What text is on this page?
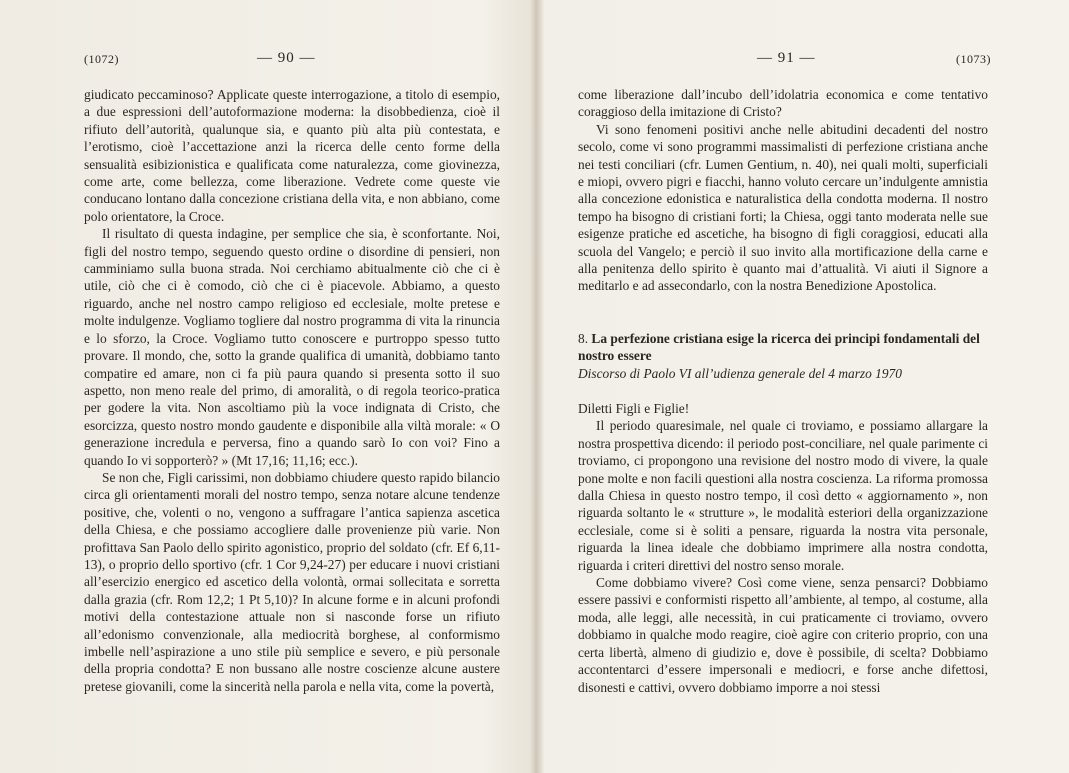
(1072)	— 90 —

giudicato peccaminoso? Applicate queste interrogazione, a titolo di esempio, a due espressioni dell’autoformazione moderna: la disobbedienza, cioè il rifiuto dell’autorità, qualunque sia, e quanto più alta più contestata, e l’erotismo, cioè l’accettazione anzi la ricerca delle cento forme della sensualità esibizionistica e qualificata come naturalezza, come giovinezza, come arte, come bellezza, come liberazione. Vedrete come queste vie conducano lontano dalla concezione cristiana della vita, e non abbiano, come polo orientatore, la Croce.

Il risultato di questa indagine, per semplice che sia, è sconfortante. Noi, figli del nostro tempo, seguendo questo ordine o disordine di pensieri, non camminiamo sulla buona strada. Noi cerchiamo abitualmente ciò che ci è utile, ciò che ci è comodo, ciò che ci è piacevole. Abbiamo, a questo riguardo, anche nel nostro campo religioso ed ecclesiale, molte pretese e molte indulgenze. Vogliamo togliere dal nostro programma di vita la rinuncia e lo sforzo, la Croce. Vogliamo tutto conoscere e purtroppo spesso tutto provare. Il mondo, che, sotto la grande qualifica di umanità, dobbiamo tanto compatire ed amare, non ci fa più paura quando si presenta sotto il suo aspetto, non meno reale del primo, di amoralità, o di regola teorico-pratica per godere la vita. Non ascoltiamo più la voce indignata di Cristo, che esorcizza, questo nostro mondo gaudente e disponibile alla viltà morale: « O generazione incredula e perversa, fino a quando sarò Io con voi? Fino a quando Io vi sopporterò? » (Mt 17,16; 11,16; ecc.).

Se non che, Figli carissimi, non dobbiamo chiudere questo rapido bilancio circa gli orientamenti morali del nostro tempo, senza notare alcune tendenze positive, che, volenti o no, vengono a suffragare l’antica sapienza ascetica della Chiesa, e che possiamo accogliere dalle provenienze più varie. Non profittava San Paolo dello spirito agonistico, proprio del soldato (cfr. Ef 6,11-13), o proprio dello sportivo (cfr. 1 Cor 9,24-27) per educare i nuovi cristiani all’esercizio energico ed ascetico della volontà, ormai sollecitata e sorretta dalla grazia (cfr. Rom 12,2; 1 Pt 5,10)? In alcune forme e in alcuni profondi motivi della contestazione attuale non si nasconde forse un rifiuto all’edonismo convenzionale, alla mediocrità borghese, al conformismo imbelle nell’aspirazione a uno stile più semplice e severo, e più personale della propria condotta? E non bussano alle nostre coscienze alcune austere pretese giovanili, come la sincerità nella parola e nella vita, come la povertà,

— 91 —	(1073)

come liberazione dall’incubo dell’idolatria economica e come tentativo coraggioso della imitazione di Cristo?

Vi sono fenomeni positivi anche nelle abitudini decadenti del nostro secolo, come vi sono programmi massimalisti di perfezione cristiana anche nei testi conciliari (cfr. Lumen Gentium, n. 40), nei quali molti, superficiali e miopi, ovvero pigri e fiacchi, hanno voluto cercare un’indulgente amnistia alla concezione edonistica e naturalistica della condotta moderna. Il nostro tempo ha bisogno di cristiani forti; la Chiesa, oggi tanto moderata nelle sue esigenze pratiche ed ascetiche, ha bisogno di figli coraggiosi, educati alla scuola del Vangelo; e perciò il suo invito alla mortificazione della carne e alla penitenza dello spirito è quanto mai d’attualità. Vi aiuti il Signore a meditarlo e ad assecondarlo, con la nostra Benedizione Apostolica.

8. La perfezione cristiana esige la ricerca dei principi fondamentali del nostro essere
Discorso di Paolo VI all’udienza generale del 4 marzo 1970

Diletti Figli e Figlie!

Il periodo quaresimale, nel quale ci troviamo, e possiamo allargare la nostra prospettiva dicendo: il periodo post-conciliare, nel quale parimente ci troviamo, ci propongono una revisione del nostro modo di vivere, la quale pone molte e non facili questioni alla nostra coscienza. La riforma promossa dalla Chiesa in questo nostro tempo, il così detto « aggiornamento », non riguarda soltanto le « strutture », le modalità esteriori della organizzazione ecclesiale, come si è soliti a pensare, riguarda la nostra vita personale, riguarda la linea ideale che dobbiamo imprimere alla nostra condotta, riguarda i criteri direttivi del nostro senso morale.

Come dobbiamo vivere? Così come viene, senza pensarci? Dobbiamo essere passivi e conformisti rispetto all’ambiente, al tempo, al costume, alla moda, alle leggi, alle necessità, in cui praticamente ci troviamo, ovvero dobbiamo in qualche modo reagire, cioè agire con criterio proprio, con una certa libertà, almeno di giudizio e, dove è possibile, di scelta? Dobbiamo accontentarci d’essere impersonali e mediocri, e forse anche difettosi, disonesti e cattivi, ovvero dobbiamo imporre a noi stessi
